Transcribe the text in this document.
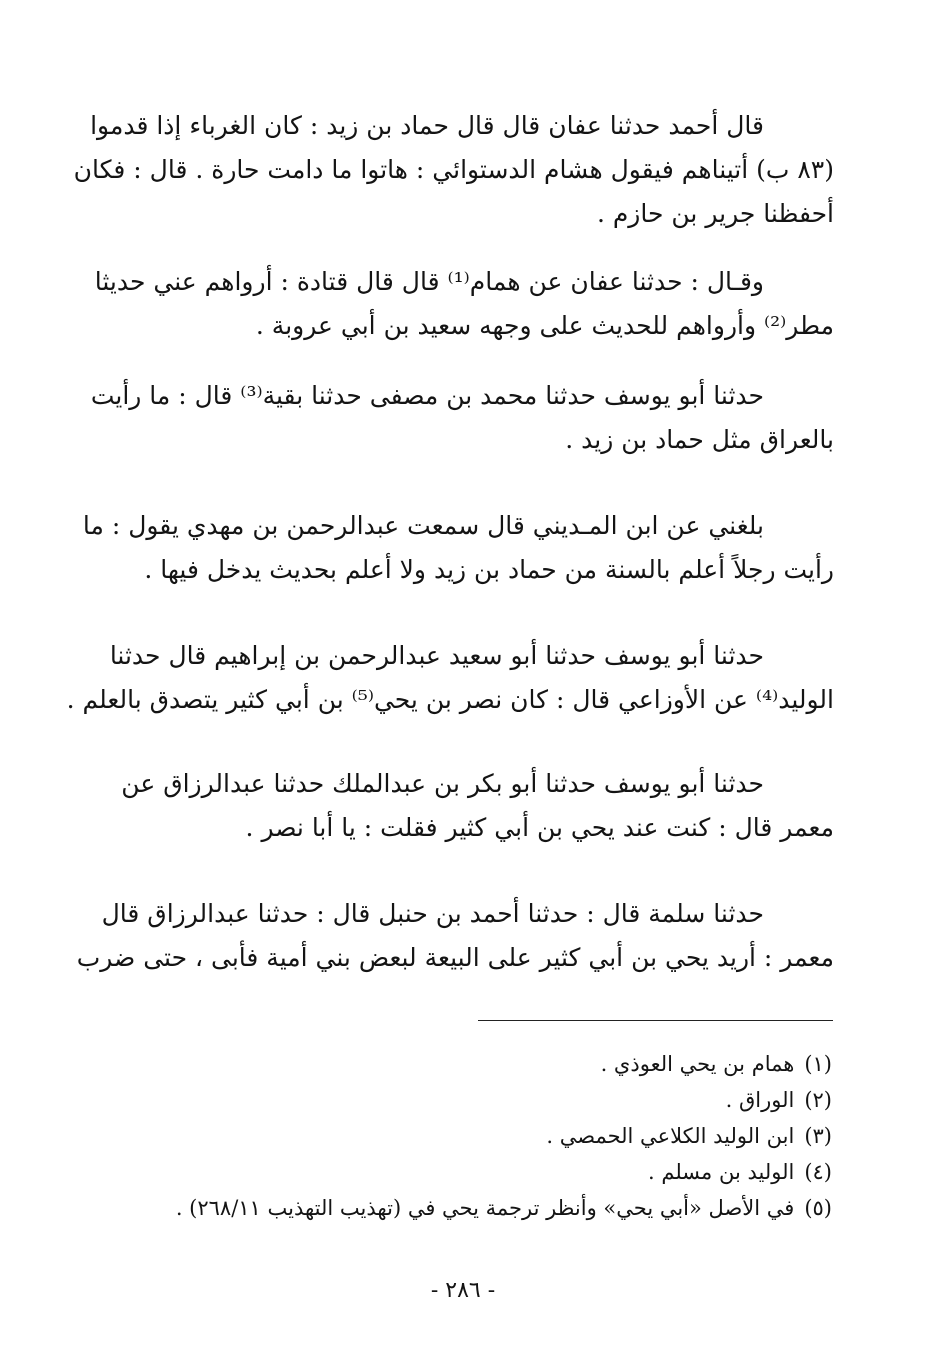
قال أحمد حدثنا عفان قال قال حماد بن زيد : كان الغرباء إذا قدموا
(٨٣ ب) أتيناهم فيقول هشام الدستوائي : هاتوا ما دامت حارة . قال : فكان
أحفظنا جرير بن حازم .
وقـال : حدثنا عفان عن همام⁽¹⁾ قال قال قتادة : أرواهم عني حديثا
مطر⁽²⁾ وأرواهم للحديث على وجهه سعيد بن أبي عروبة .
حدثنا أبو يوسف حدثنا محمد بن مصفى حدثنا بقية⁽³⁾ قال : ما رأيت
بالعراق مثل حماد بن زيد .
بلغني عن ابن المـديني قال سمعت عبدالرحمن بن مهدي يقول : ما
رأيت رجلاً أعلم بالسنة من حماد بن زيد ولا أعلم بحديث يدخل فيها .
حدثنا أبو يوسف حدثنا أبو سعيد عبدالرحمن بن إبراهيم قال حدثنا
الوليد⁽⁴⁾ عن الأوزاعي قال : كان نصر بن يحي⁽⁵⁾ بن أبي كثير يتصدق بالعلم .
حدثنا أبو يوسف حدثنا أبو بكر بن عبدالملك حدثنا عبدالرزاق عن
معمر قال : كنت عند يحي بن أبي كثير فقلت : يا أبا نصر .
حدثنا سلمة قال : حدثنا أحمد بن حنبل قال : حدثنا عبدالرزاق قال
معمر : أريد يحي بن أبي كثير على البيعة لبعض بني أمية فأبى ، حتى ضرب
(١)همام بن يحي العوذي .
(٢)الوراق .
(٣)ابن الوليد الكلاعي الحمصي .
(٤)الوليد بن مسلم .
(٥)في الأصل «أبي يحي» وأنظر ترجمة يحي في (تهذيب التهذيب ٢٦٨/١١) .
- ٢٨٦ -
